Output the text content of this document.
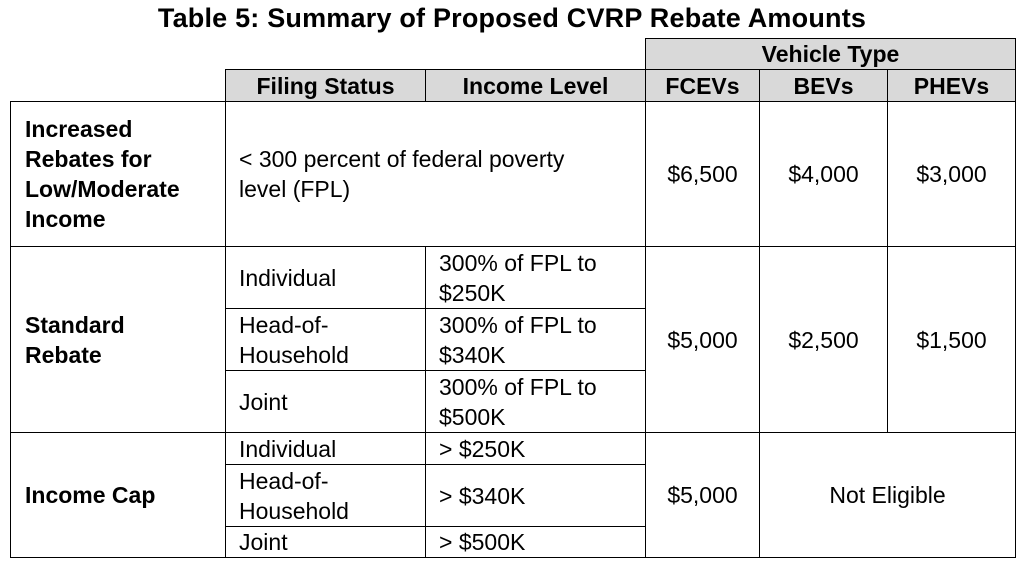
Table 5: Summary of Proposed CVRP Rebate Amounts
			Vehicle Type		
	Filing Status	Income Level	FCEVs	BEVs	PHEVs
Increased Rebates for Low/Moderate Income	< 300 percent of federal poverty level (FPL)		$6,500	$4,000	$3,000
Standard Rebate	Individual	300% of FPL to $250K	$5,000	$2,500	$1,500
	Head-of-Household	300% of FPL to $340K			
	Joint	300% of FPL to $500K			
Income Cap	Individual	> $250K	$5,000	Not Eligible	
	Head-of-Household	> $340K			
	Joint	> $500K			
